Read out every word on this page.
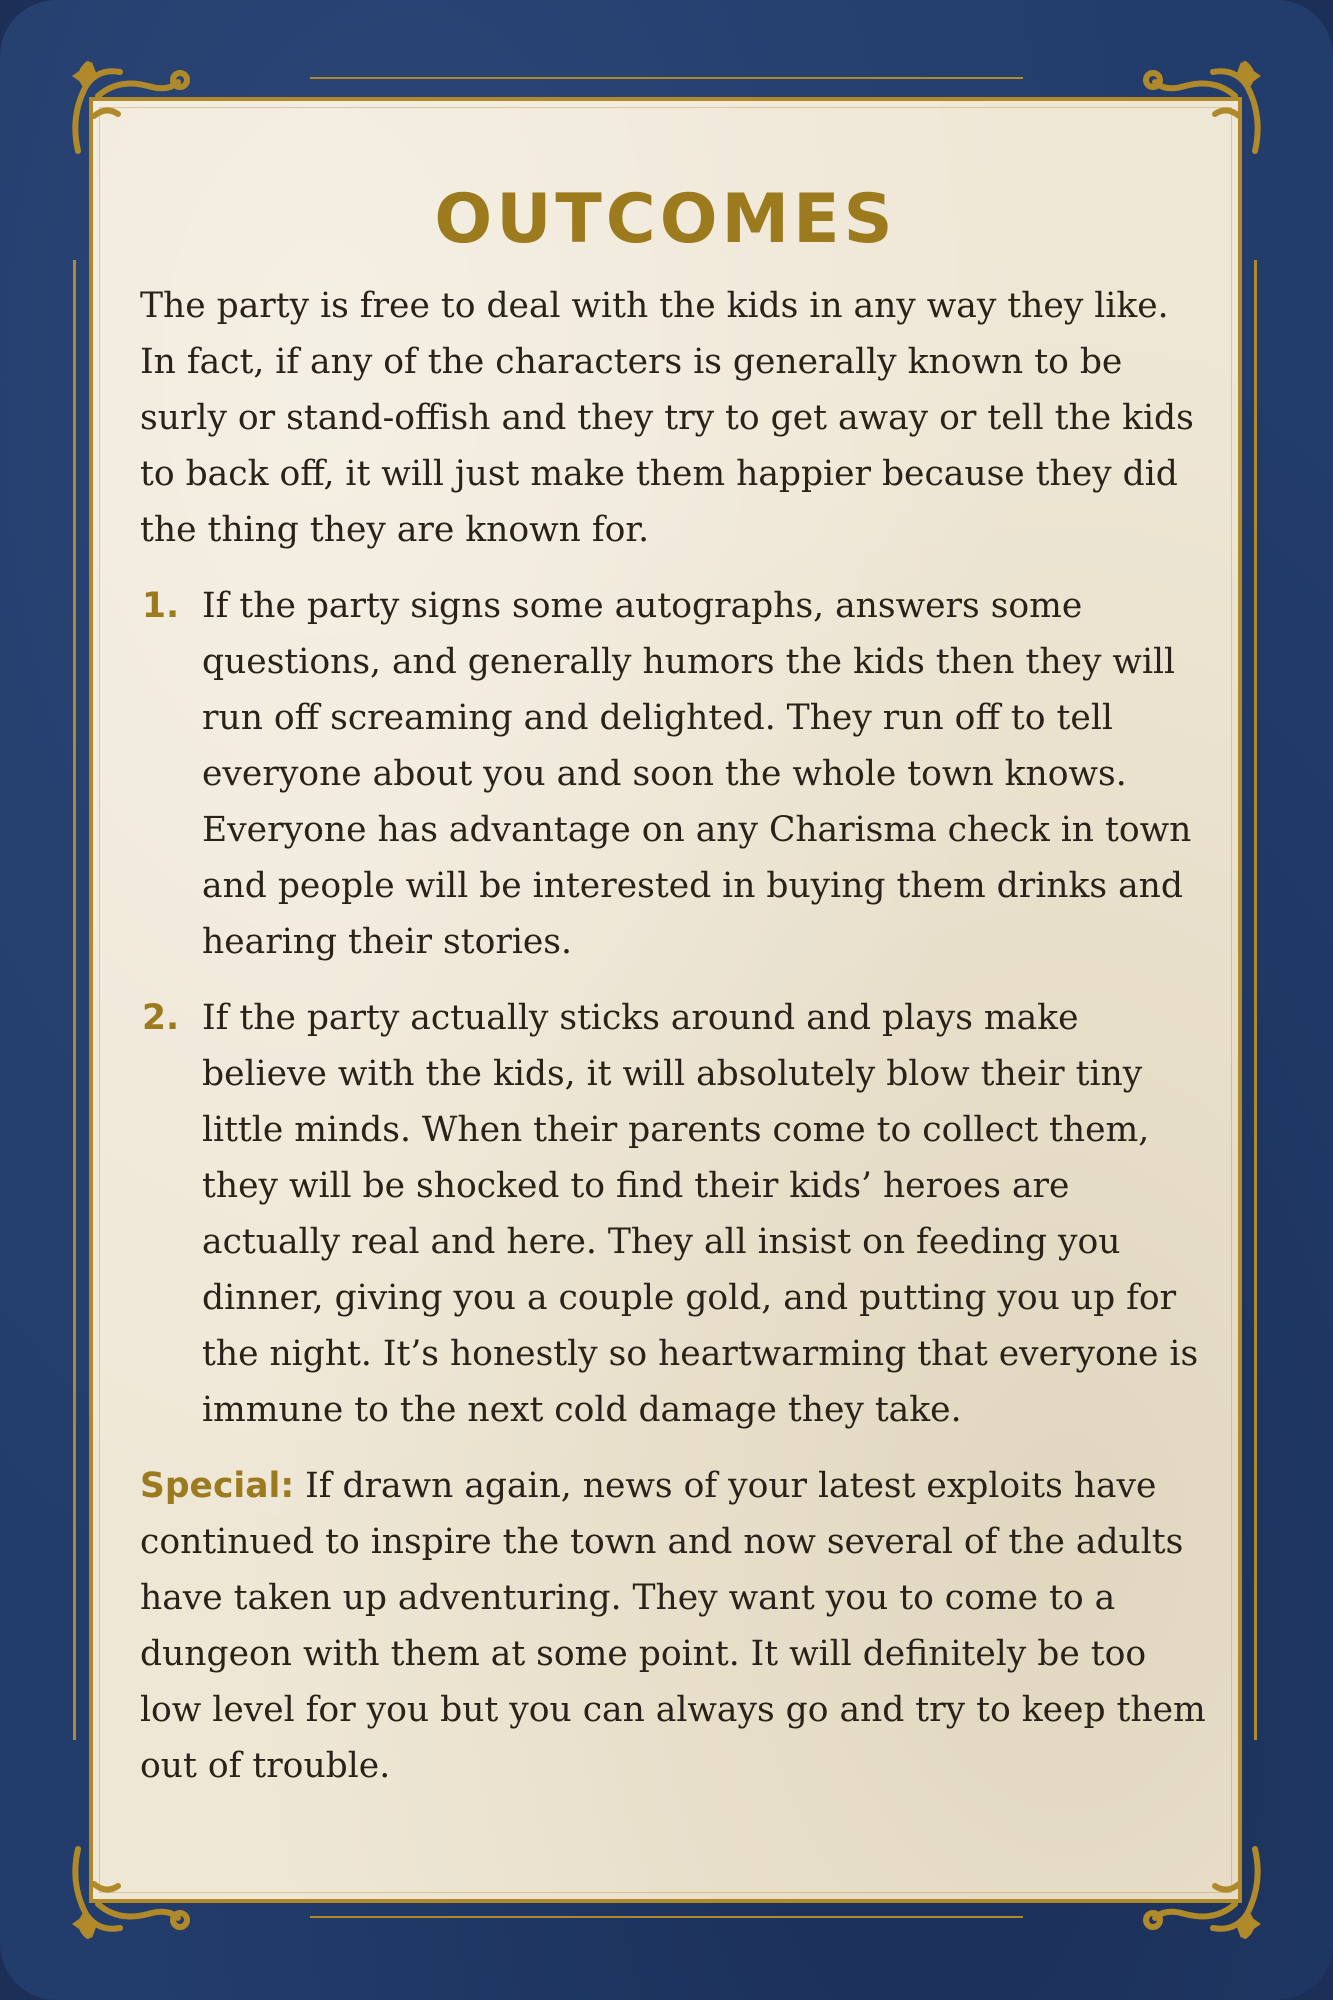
OUTCOMES

The party is free to deal with the kids in any way they like. In fact, if any of the characters is generally known to be surly or stand-offish and they try to get away or tell the kids to back off, it will just make them happier because they did the thing they are known for.

1. If the party signs some autographs, answers some questions, and generally humors the kids then they will run off screaming and delighted. They run off to tell everyone about you and soon the whole town knows. Everyone has advantage on any Charisma check in town and people will be interested in buying them drinks and hearing their stories.

2. If the party actually sticks around and plays make believe with the kids, it will absolutely blow their tiny little minds. When their parents come to collect them, they will be shocked to find their kids’ heroes are actually real and here. They all insist on feeding you dinner, giving you a couple gold, and putting you up for the night. It’s honestly so heartwarming that everyone is immune to the next cold damage they take.

Special: If drawn again, news of your latest exploits have continued to inspire the town and now several of the adults have taken up adventuring. They want you to come to a dungeon with them at some point. It will definitely be too low level for you but you can always go and try to keep them out of trouble.
